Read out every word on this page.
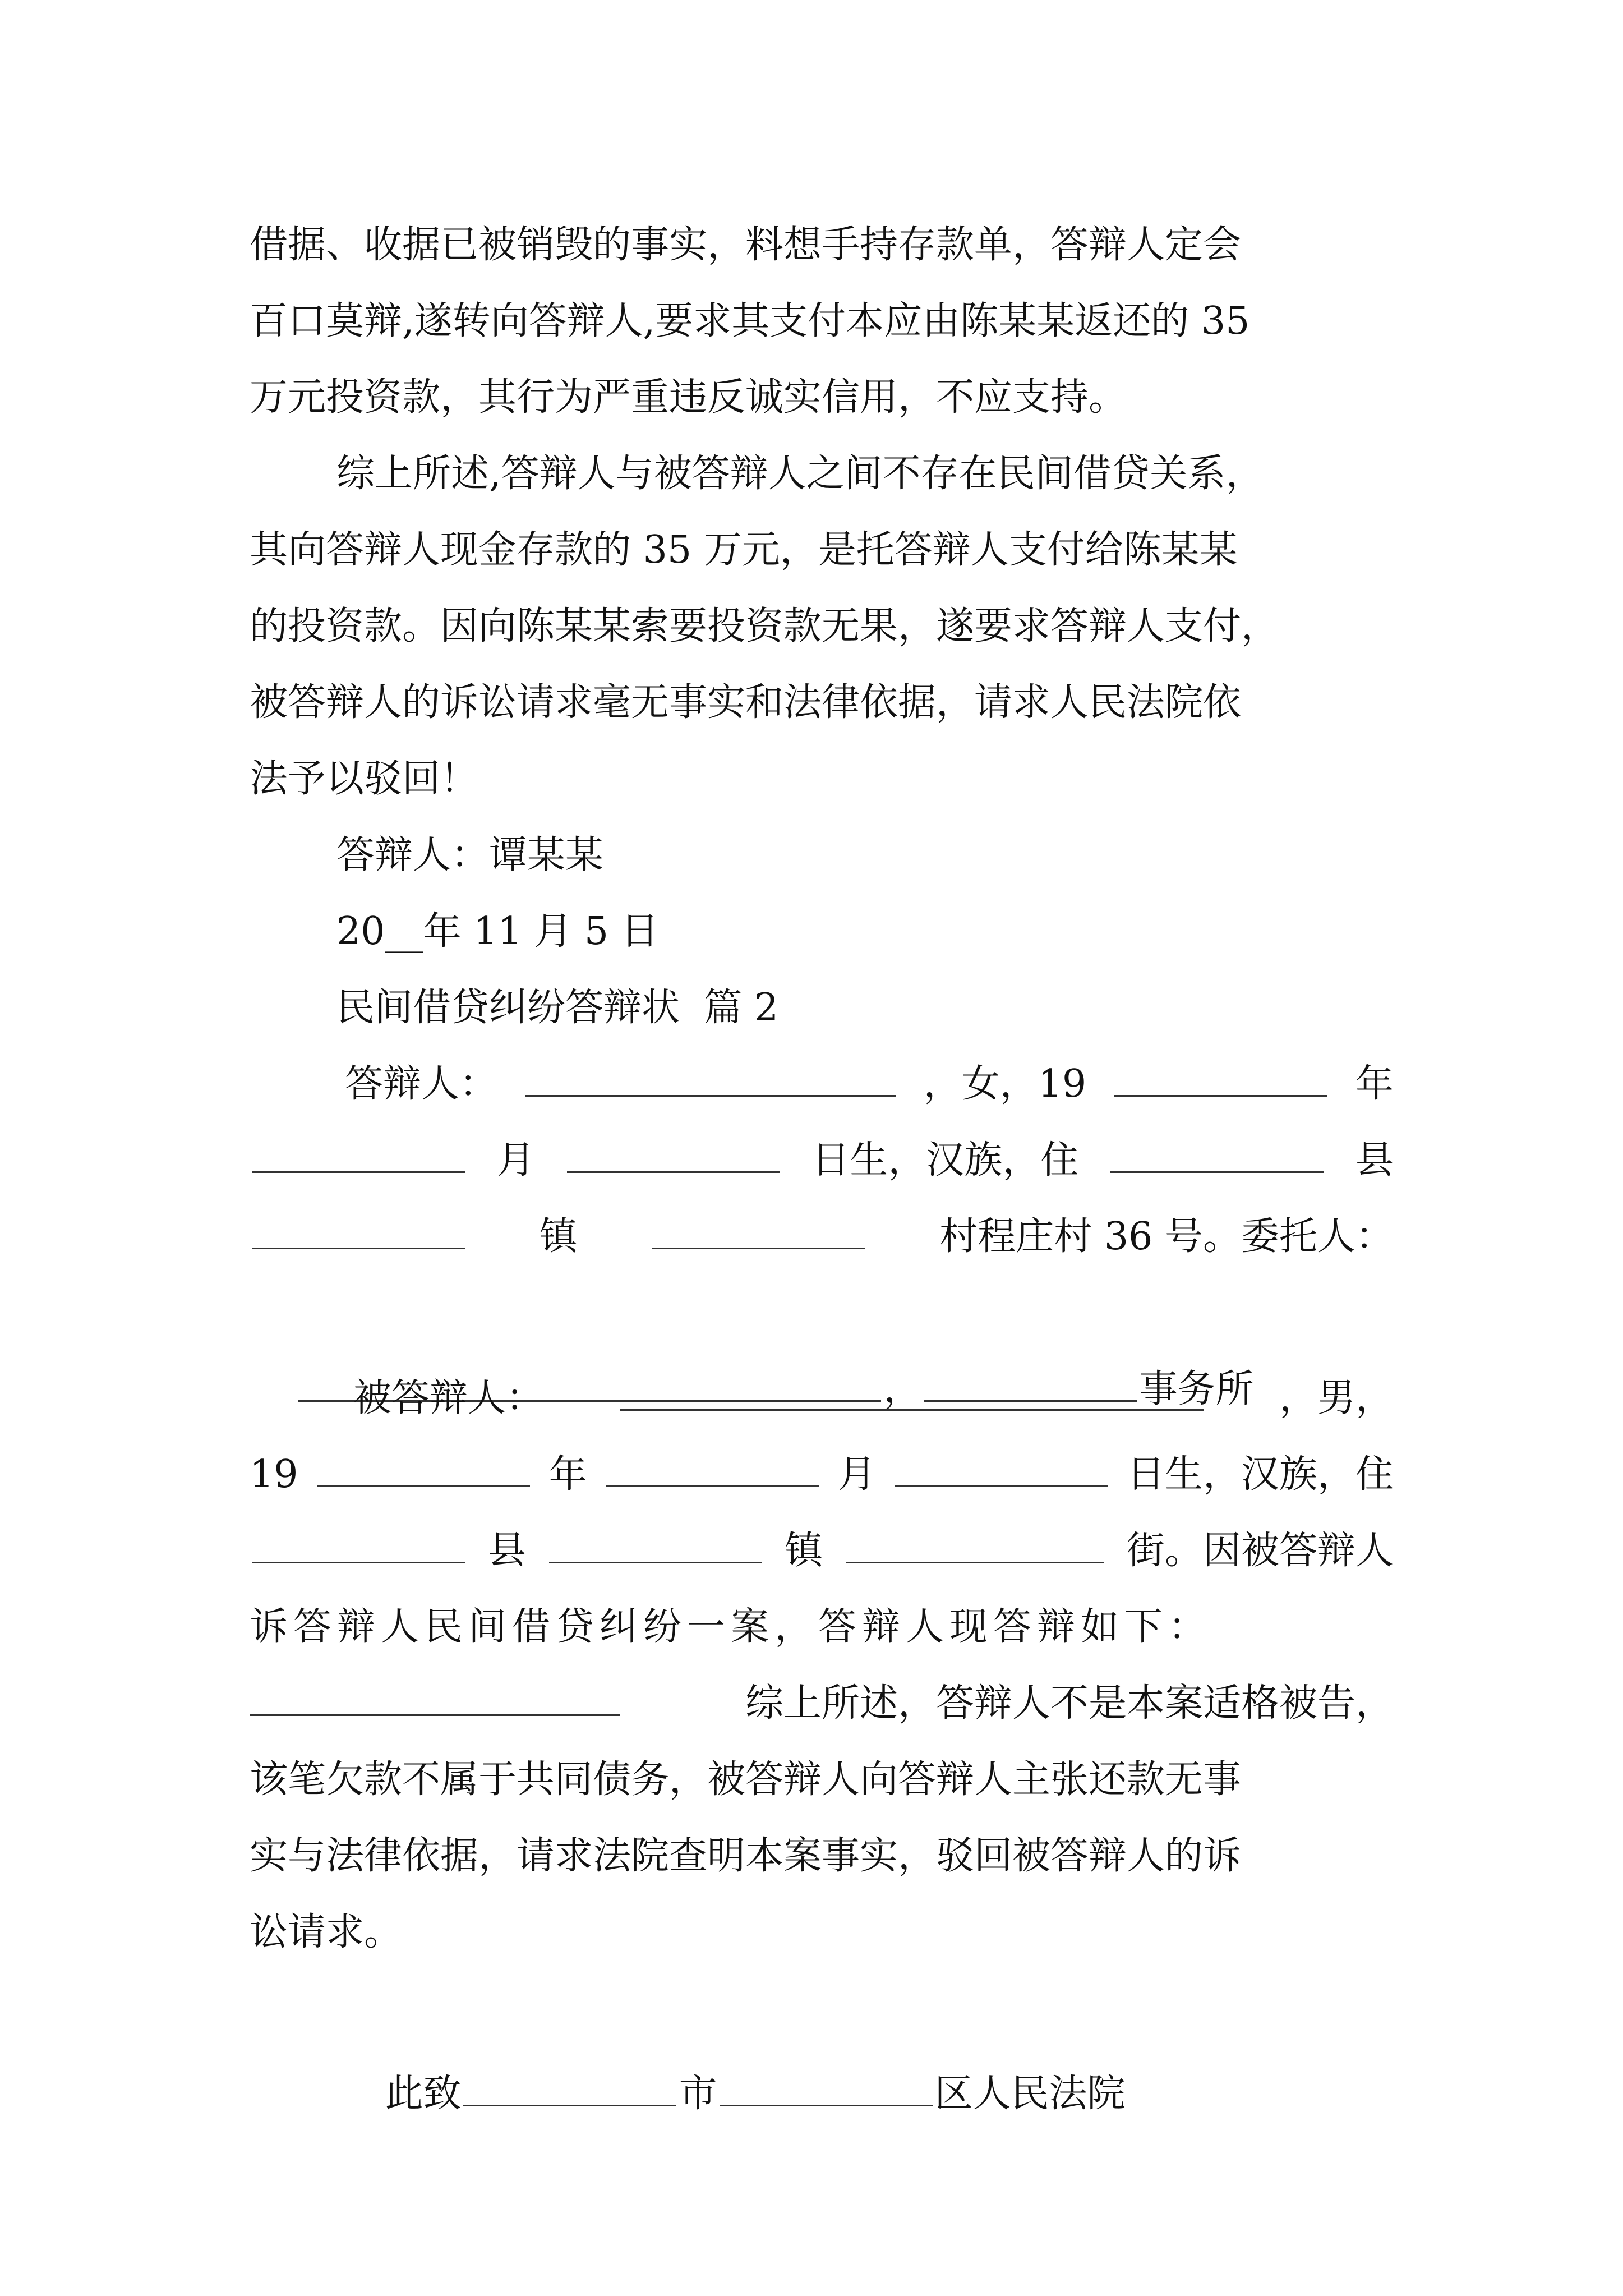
借据、收据已被销毁的事实，料想手持存款单，答辩人定会
百口莫辩,遂转向答辩人,要求其支付本应由陈某某返还的 35
万元投资款，其行为严重违反诚实信用，不应支持。
综上所述,答辩人与被答辩人之间不存在民间借贷关系，
其向答辩人现金存款的 35 万元，是托答辩人支付给陈某某
的投资款。因向陈某某索要投资款无果，遂要求答辩人支付，
被答辩人的诉讼请求毫无事实和法律依据，请求人民法院依
法予以驳回！
答辩人：谭某某
20__年 11 月 5 日
民间借贷纠纷答辩状  篇 2
答辩人：	，女，19	年
月	日生，汉族，住	县
镇	村程庄村 36 号。委托人：

，	事务所

被答辩人：	，男，
19	年	月	日生，汉族，住
县	镇	街。因被答辩人
诉答辩人民间借贷纠纷一案，答辩人现答辩如下：
综上所述，答辩人不是本案适格被告，
该笔欠款不属于共同债务，被答辩人向答辩人主张还款无事
实与法律依据，请求法院查明本案事实，驳回被答辩人的诉
讼请求。

此致	市	区人民法院
